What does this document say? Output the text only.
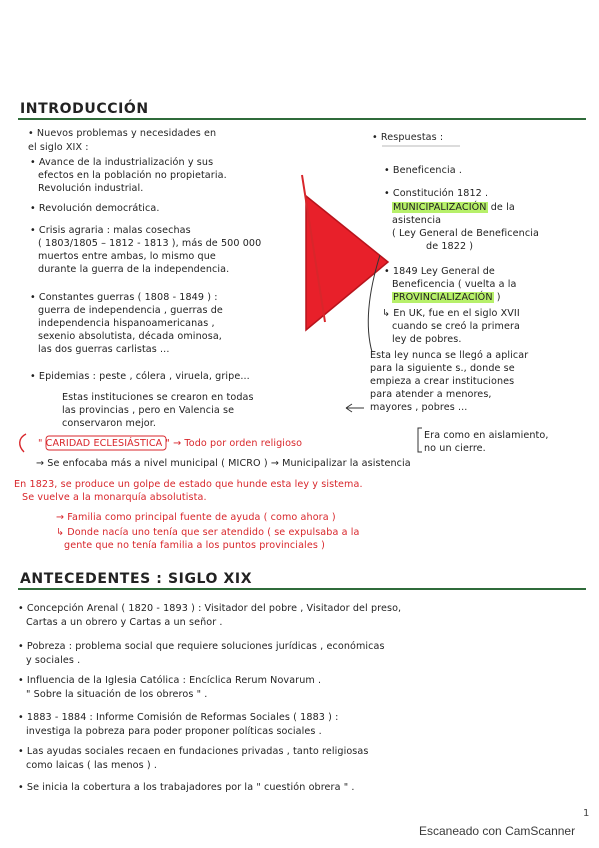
INTRODUCCIÓN
• Nuevos problemas y necesidades en
el siglo XIX :
• Avance de la industrialización y sus
efectos en la población no propietaria.
Revolución industrial.
• Revolución democrática.
• Crisis agraria : malas cosechas
( 1803/1805 – 1812 - 1813 ), más de 500 000
muertos entre ambas, lo mismo que
durante la guerra de la independencia.
• Constantes guerras ( 1808 - 1849 ) :
guerra de independencia , guerras de
independencia hispanoamericanas ,
sexenio absolutista, década ominosa,
las dos guerras carlistas ...
• Epidemias : peste , cólera , viruela, gripe...
Estas instituciones se crearon en todas
las provincias , pero en Valencia se
conservaron mejor.
• Respuestas :
• Beneficencia .
• Constitución 1812 .
MUNICIPALIZACIÓN de la
asistencia
( Ley General de Beneficencia
de 1822 )
• 1849 Ley General de
Beneficencia ( vuelta a la
PROVINCIALIZACIÓN )
↳ En UK, fue en el siglo XVII
cuando se creó la primera
ley de pobres.
Esta ley nunca se llegó a aplicar
para la siguiente s., donde se
empieza a crear instituciones
para atender a menores,
mayores , pobres ...
Era como en aislamiento,
no un cierre.
" CARIDAD ECLESIÁSTICA " → Todo por orden religioso
→ Se enfocaba más a nivel municipal ( MICRO ) → Municipalizar la asistencia
En 1823, se produce un golpe de estado que hunde esta ley y sistema.
Se vuelve a la monarquía absolutista.
→ Familia como principal fuente de ayuda ( como ahora )
↳ Donde nacía uno tenía que ser atendido ( se expulsaba a la
gente que no tenía familia a los puntos provinciales )
ANTECEDENTES : SIGLO XIX
• Concepción Arenal ( 1820 - 1893 ) : Visitador del pobre , Visitador del preso,
Cartas a un obrero y Cartas a un señor .
• Pobreza : problema social que requiere soluciones jurídicas , económicas
y sociales .
• Influencia de la Iglesia Católica : Encíclica Rerum Novarum .
" Sobre la situación de los obreros " .
• 1883 - 1884 : Informe Comisión de Reformas Sociales ( 1883 ) :
investiga la pobreza para poder proponer políticas sociales .
• Las ayudas sociales recaen en fundaciones privadas , tanto religiosas
como laicas ( las menos ) .
• Se inicia la cobertura a los trabajadores por la " cuestión obrera " .
1
Escaneado con CamScanner
